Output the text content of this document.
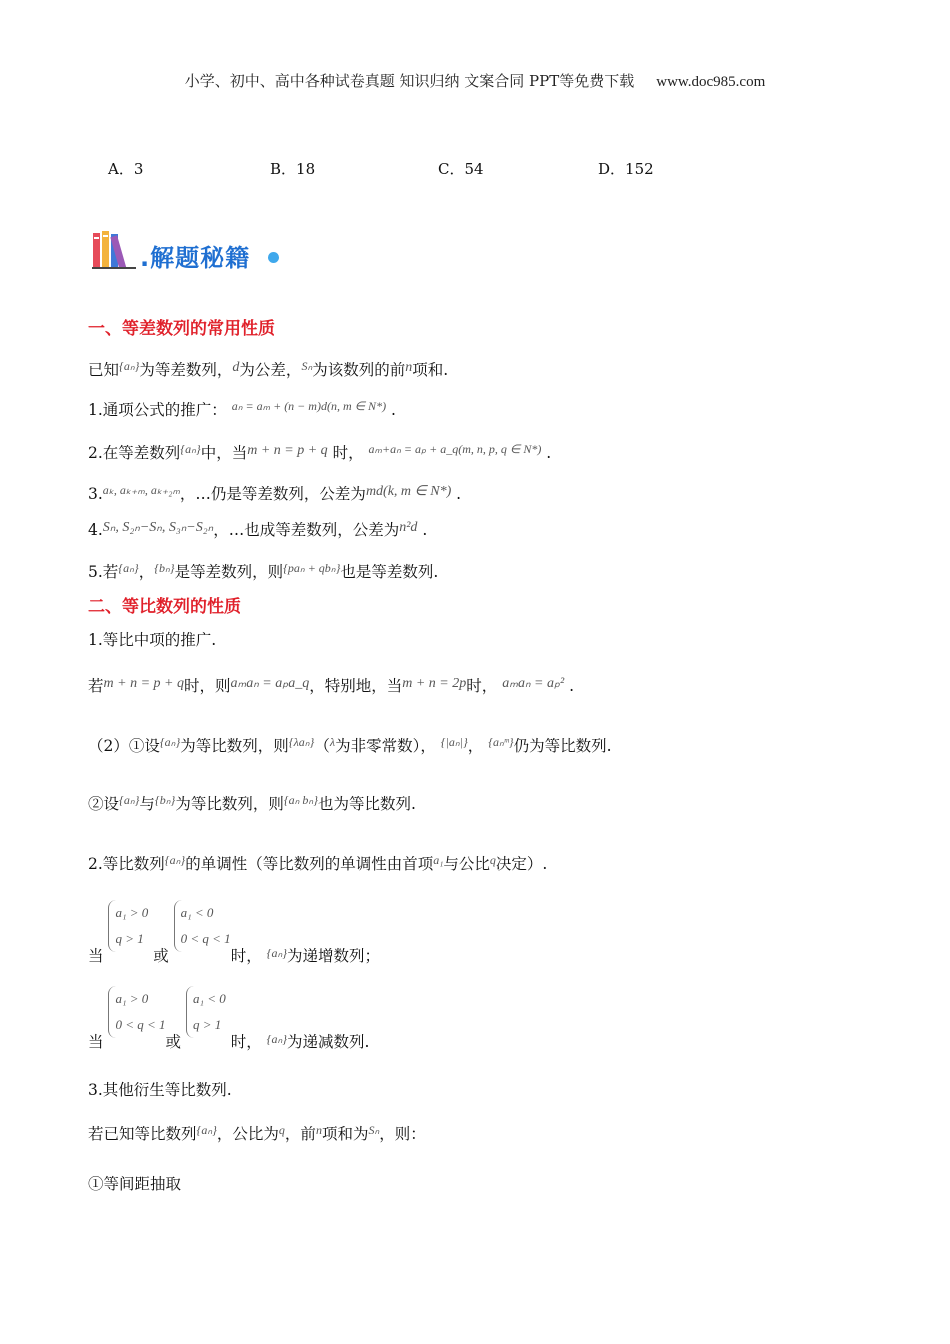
小学、初中、高中各种试卷真题 知识归纳 文案合同 PPT等免费下载 www.doc985.com
A．3	B．18	C．54	D．152
.解题秘籍
一、等差数列的常用性质
已知$^{\{a_n\}}$为等差数列，d为公差，$^{S_n}$为该数列的前n项和.
1.通项公式的推广： $^{a_n = a_m + (n - m)d(n, m \in N*)}$ .
2.在等差数列$^{\{a_n\}}$中，当m + n = p + q 时， $^{a_m+a_n = a_p + a\_q(m, n, p, q \in N*)}$ .
3.$^{a_k, a_{k+m}, a_{k+2m}}$，…仍是等差数列，公差为md(k, m ∈ N*) .
4.Sₙ, S₂ₙ−Sₙ, S₃ₙ−S₂ₙ，…也成等差数列，公差为n²d .
5.若$^{\{a_n\}}$，$^{\{b_n\}}$是等差数列，则$^{\{pa_n + qb_n\}}$也是等差数列.
二、等比数列的性质
1.等比中项的推广.
若m + n = p + q时，则aₘaₙ = aₚa_q，特别地，当m + n = 2p时， aₘaₙ = aₚ² .
（2）①设$^{\{a_n\}}$为等比数列，则$^{\{\lambda a_n\}}$（$^\lambda$为非零常数）， $^{\{|a_n|\}}$， $^{\{a_nᵐ\}}$仍为等比数列.
②设$^{\{a_n\}}$与$^{\{b_n\}}$为等比数列，则$^{\{a_n b_n\}}$也为等比数列.
2.等比数列$^{\{a_n\}}$的单调性（等比数列的单调性由首项$^{a_1}$与公比$^q$决定）.
当 a₁ > 0
q > 1 或 a₁ < 0
0 < q < 1时， $_{\{a_n\}}$为递增数列；
当 a₁ > 0
0 < q < 1或 a₁ < 0
q > 1 时， $_{\{a_n\}}$为递减数列.
3.其他衍生等比数列.
若已知等比数列$^{\{a_n\}}$，公比为$^q$，前$^n$项和为$^{S_n}$，则：
①等间距抽取
